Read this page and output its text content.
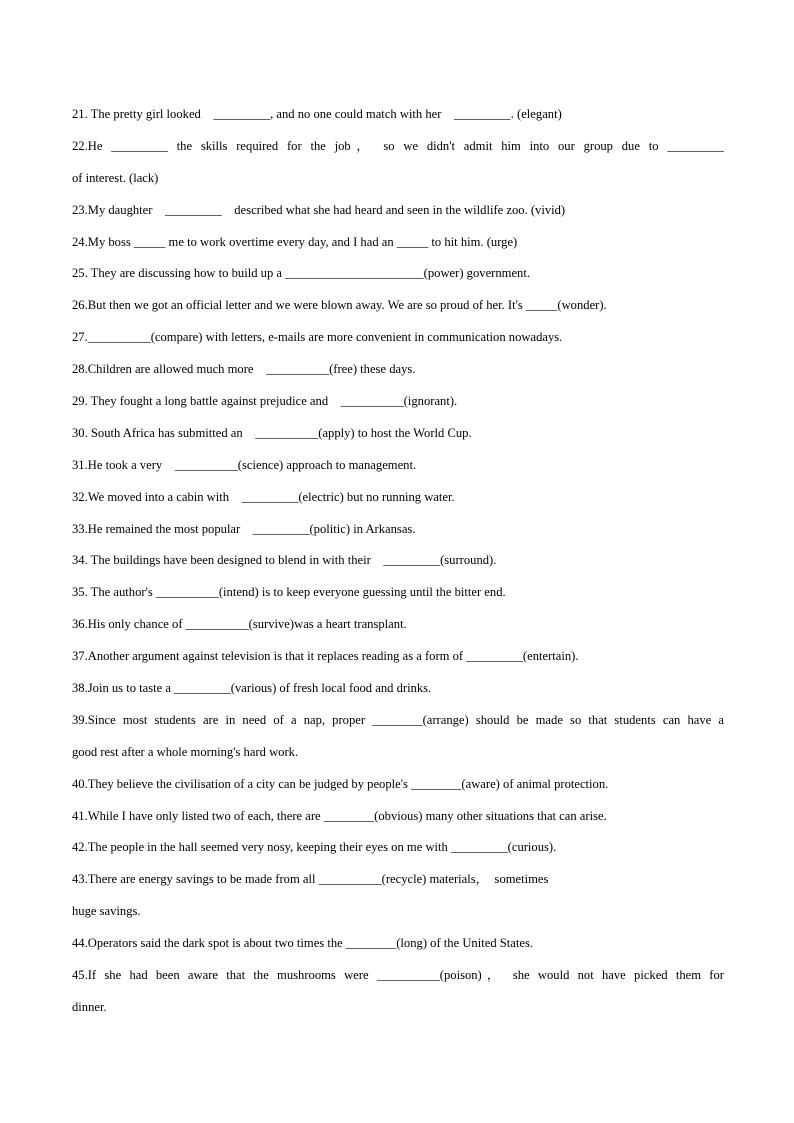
21. The pretty girl looked    _________, and no one could match with her    _________. (elegant)
22.He _________ the skills required for the job， so we didn't admit him into our group due to _________
of interest. (lack)
23.My daughter    _________    described what she had heard and seen in the wildlife zoo. (vivid)
24.My boss _____ me to work overtime every day, and I had an _____ to hit him. (urge)
25. They are discussing how to build up a ______________________(power) government.
26.But then we got an official letter and we were blown away. We are so proud of her. It's _____(wonder).
27.__________(compare) with letters, e-mails are more convenient in communication nowadays.
28.Children are allowed much more    __________(free) these days.
29. They fought a long battle against prejudice and    __________(ignorant).
30. South Africa has submitted an    __________(apply) to host the World Cup.
31.He took a very    __________(science) approach to management.
32.We moved into a cabin with    _________(electric) but no running water.
33.He remained the most popular    _________(politic) in Arkansas.
34. The buildings have been designed to blend in with their    _________(surround).
35. The author's __________(intend) is to keep everyone guessing until the bitter end.
36.His only chance of __________(survive)was a heart transplant.
37.Another argument against television is that it replaces reading as a form of _________(entertain).
38.Join us to taste a _________(various) of fresh local food and drinks.
39.Since most students are in need of a nap, proper ________(arrange) should be made so that students can have a
good rest after a whole morning's hard work.
40.They believe the civilisation of a city can be judged by people's ________(aware) of animal protection.
41.While I have only listed two of each, there are ________(obvious) many other situations that can arise.
42.The people in the hall seemed very nosy, keeping their eyes on me with _________(curious).
43.There are energy savings to be made from all __________(recycle) materials，  sometimes
huge savings.
44.Operators said the dark spot is about two times the ________(long) of the United States.
45.If she had been aware that the mushrooms were __________(poison)， she would not have picked them for
dinner.
